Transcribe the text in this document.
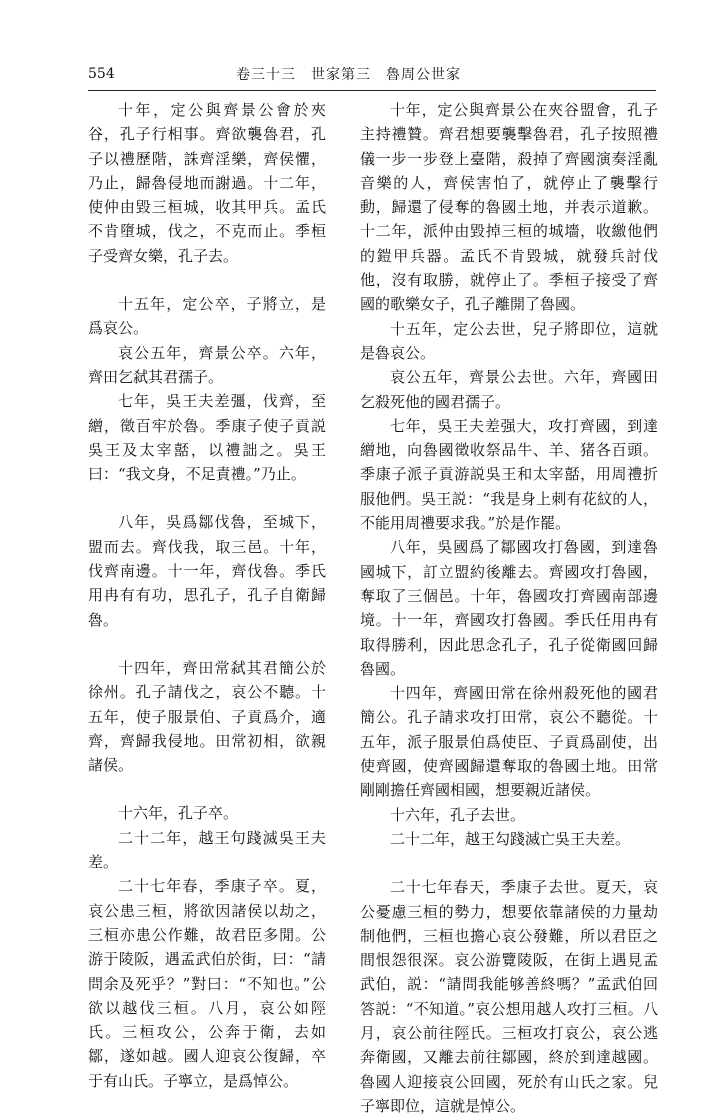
554	卷三十三　世家第三　魯周公世家

十年，定公與齊景公會於夾谷，孔子行相事。齊欲襲魯君，孔子以禮歷階，誅齊淫樂，齊侯懼，乃止，歸魯侵地而謝過。十二年，使仲由毀三桓城，收其甲兵。孟氏不肯墮城，伐之，不克而止。季桓子受齊女樂，孔子去。

十五年，定公卒，子將立，是爲哀公。

哀公五年，齊景公卒。六年，齊田乞弑其君孺子。

七年，吳王夫差彊，伐齊，至繒，徵百牢於魯。季康子使子貢説吳王及太宰嚭，以禮詘之。吳王曰：“我文身，不足責禮。”乃止。

八年，吳爲鄒伐魯，至城下，盟而去。齊伐我，取三邑。十年，伐齊南邊。十一年，齊伐魯。季氏用冉有有功，思孔子，孔子自衛歸魯。

十四年，齊田常弑其君簡公於徐州。孔子請伐之，哀公不聽。十五年，使子服景伯、子貢爲介，適齊，齊歸我侵地。田常初相，欲親諸侯。

十六年，孔子卒。

二十二年，越王句踐滅吳王夫差。

二十七年春，季康子卒。夏，哀公患三桓，將欲因諸侯以劫之，三桓亦患公作難，故君臣多閒。公游于陵阪，遇孟武伯於街，曰：“請問余及死乎？”對曰：“不知也。”公欲以越伐三桓。八月，哀公如陘氏。三桓攻公，公奔于衛，去如鄒，遂如越。國人迎哀公復歸，卒于有山氏。子寧立，是爲悼公。

十年，定公與齊景公在夾谷盟會，孔子主持禮贊。齊君想要襲擊魯君，孔子按照禮儀一步一步登上臺階，殺掉了齊國演奏淫亂音樂的人，齊侯害怕了，就停止了襲擊行動，歸還了侵奪的魯國土地，并表示道歉。十二年，派仲由毀掉三桓的城墻，收繳他們的鎧甲兵器。孟氏不肯毀城，就發兵討伐他，沒有取勝，就停止了。季桓子接受了齊國的歌樂女子，孔子離開了魯國。

十五年，定公去世，兒子將即位，這就是魯哀公。

哀公五年，齊景公去世。六年，齊國田乞殺死他的國君孺子。

七年，吳王夫差强大，攻打齊國，到達繒地，向魯國徵收祭品牛、羊、猪各百頭。季康子派子貢游説吳王和太宰嚭，用周禮折服他們。吳王説：“我是身上刺有花紋的人，不能用周禮要求我。”於是作罷。

八年，吳國爲了鄒國攻打魯國，到達魯國城下，訂立盟約後離去。齊國攻打魯國，奪取了三個邑。十年，魯國攻打齊國南部邊境。十一年，齊國攻打魯國。季氏任用冉有取得勝利，因此思念孔子，孔子從衛國回歸魯國。

十四年，齊國田常在徐州殺死他的國君簡公。孔子請求攻打田常，哀公不聽從。十五年，派子服景伯爲使臣、子貢爲副使，出使齊國，使齊國歸還奪取的魯國土地。田常剛剛擔任齊國相國，想要親近諸侯。

十六年，孔子去世。

二十二年，越王勾踐滅亡吳王夫差。

二十七年春天，季康子去世。夏天，哀公憂慮三桓的勢力，想要依靠諸侯的力量劫制他們，三桓也擔心哀公發難，所以君臣之間恨怨很深。哀公游覽陵阪，在街上遇見孟武伯，説：“請問我能够善終嗎？”孟武伯回答説：“不知道。”哀公想用越人攻打三桓。八月，哀公前往陘氏。三桓攻打哀公，哀公逃奔衛國，又離去前往鄒國，終於到達越國。魯國人迎接哀公回國，死於有山氏之家。兒子寧即位，這就是悼公。
